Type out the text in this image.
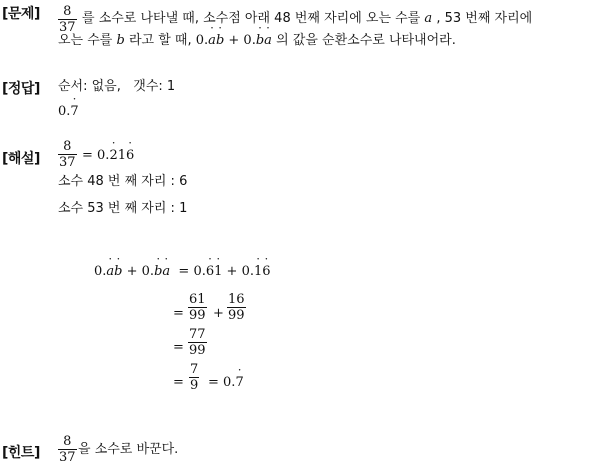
[문제] $\frac{8}{37}$ 를 소수로 나타낼 때, 소수점 아래 48 번째 자리에 오는 수를 a , 53 번째 자리에
오는 수를 b 라고 할 때, 0.a ˙b ˙ + 0.b ˙a ˙ 의 값을 순환소수로 나타내어라.
[정답] 순서: 없음,   갯수: 1
0.7 ˙
[해설] $\frac{8}{37} = 0.2$ ˙16 ˙
소수 48 번 째 자리 : 6
소수 53 번 째 자리 : 1
0.a ˙b ˙ + 0.b ˙a ˙  = 0.6 ˙1 ˙ + 0.1 ˙6 ˙
= $\frac{61}{99} + \frac{16}{99}$
= $\frac{77}{99}$
= $\frac{7}{9} = 0.7$ ˙
[힌트] $\frac{8}{37}$ 을 소수로 바꾼다.
